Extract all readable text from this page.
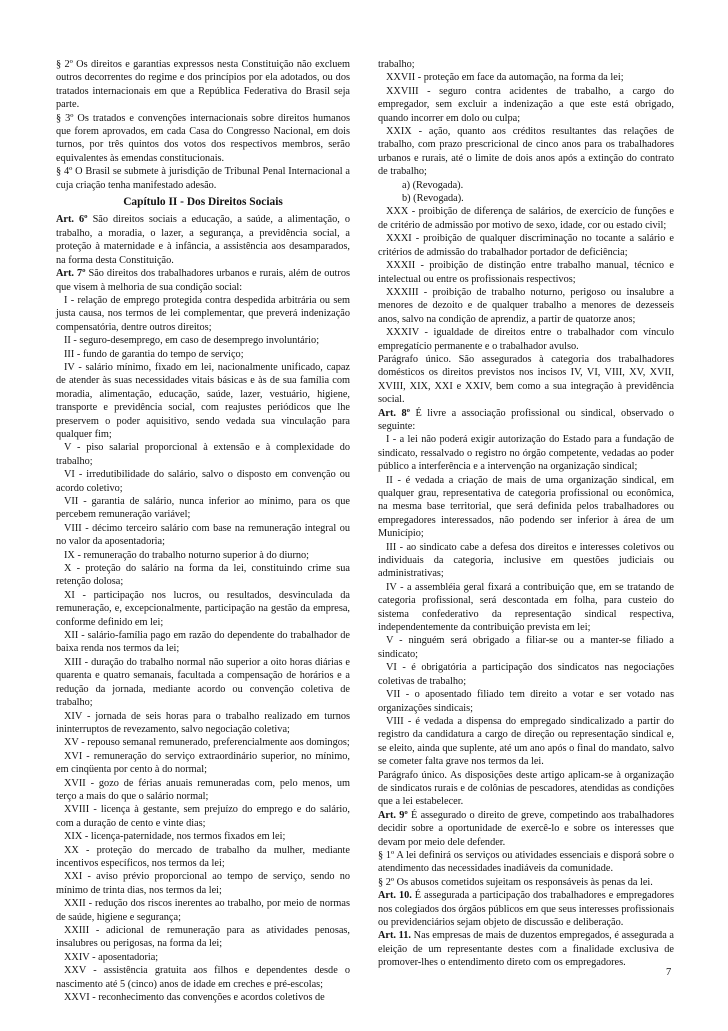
§ 2º Os direitos e garantias expressos nesta Constituição não excluem outros decorrentes do regime e dos princípios por ela adotados, ou dos tratados internacionais em que a República Federativa do Brasil seja parte.

§ 3º Os tratados e convenções internacionais sobre direitos humanos que forem aprovados, em cada Casa do Congresso Nacional, em dois turnos, por três quintos dos votos dos respectivos membros, serão equivalentes às emendas constitucionais.

§ 4º O Brasil se submete à jurisdição de Tribunal Penal Internacional a cuja criação tenha manifestado adesão.

Capítulo II - Dos Direitos Sociais

Art. 6º São direitos sociais a educação, a saúde, a alimentação, o trabalho, a moradia, o lazer, a segurança, a previdência social, a proteção à maternidade e à infância, a assistência aos desamparados, na forma desta Constituição.

Art. 7º São direitos dos trabalhadores urbanos e rurais, além de outros que visem à melhoria de sua condição social:

I - relação de emprego protegida contra despedida arbitrária ou sem justa causa, nos termos de lei complementar, que preverá indenização compensatória, dentre outros direitos;

II - seguro-desemprego, em caso de desemprego involuntário;

III - fundo de garantia do tempo de serviço;

IV - salário mínimo, fixado em lei, nacionalmente unificado, capaz de atender às suas necessidades vitais básicas e às de sua família com moradia, alimentação, educação, saúde, lazer, vestuário, higiene, transporte e previdência social, com reajustes periódicos que lhe preservem o poder aquisitivo, sendo vedada sua vinculação para qualquer fim;

V - piso salarial proporcional à extensão e à complexidade do trabalho;

VI - irredutibilidade do salário, salvo o disposto em convenção ou acordo coletivo;

VII - garantia de salário, nunca inferior ao mínimo, para os que percebem remuneração variável;

VIII - décimo terceiro salário com base na remuneração integral ou no valor da aposentadoria;

IX - remuneração do trabalho noturno superior à do diurno;

X - proteção do salário na forma da lei, constituindo crime sua retenção dolosa;

XI - participação nos lucros, ou resultados, desvinculada da remuneração, e, excepcionalmente, participação na gestão da empresa, conforme definido em lei;

XII - salário-família pago em razão do dependente do trabalhador de baixa renda nos termos da lei;

XIII - duração do trabalho normal não superior a oito horas diárias e quarenta e quatro semanais, facultada a compensação de horários e a redução da jornada, mediante acordo ou convenção coletiva de trabalho;

XIV - jornada de seis horas para o trabalho realizado em turnos ininterruptos de revezamento, salvo negociação coletiva;

XV - repouso semanal remunerado, preferencialmente aos domingos;

XVI - remuneração do serviço extraordinário superior, no mínimo, em cinqüenta por cento à do normal;

XVII - gozo de férias anuais remuneradas com, pelo menos, um terço a mais do que o salário normal;

XVIII - licença à gestante, sem prejuízo do emprego e do salário, com a duração de cento e vinte dias;

XIX - licença-paternidade, nos termos fixados em lei;

XX - proteção do mercado de trabalho da mulher, mediante incentivos específicos, nos termos da lei;

XXI - aviso prévio proporcional ao tempo de serviço, sendo no mínimo de trinta dias, nos termos da lei;

XXII - redução dos riscos inerentes ao trabalho, por meio de normas de saúde, higiene e segurança;

XXIII - adicional de remuneração para as atividades penosas, insalubres ou perigosas, na forma da lei;

XXIV - aposentadoria;

XXV - assistência gratuita aos filhos e dependentes desde o nascimento até 5 (cinco) anos de idade em creches e pré-escolas;

XXVI - reconhecimento das convenções e acordos coletivos de

trabalho;

XXVII - proteção em face da automação, na forma da lei;

XXVIII - seguro contra acidentes de trabalho, a cargo do empregador, sem excluir a indenização a que este está obrigado, quando incorrer em dolo ou culpa;

XXIX - ação, quanto aos créditos resultantes das relações de trabalho, com prazo prescricional de cinco anos para os trabalhadores urbanos e rurais, até o limite de dois anos após a extinção do contrato de trabalho;

a) (Revogada).

b) (Revogada).

XXX - proibição de diferença de salários, de exercício de funções e de critério de admissão por motivo de sexo, idade, cor ou estado civil;

XXXI - proibição de qualquer discriminação no tocante a salário e critérios de admissão do trabalhador portador de deficiência;

XXXII - proibição de distinção entre trabalho manual, técnico e intelectual ou entre os profissionais respectivos;

XXXIII - proibição de trabalho noturno, perigoso ou insalubre a menores de dezoito e de qualquer trabalho a menores de dezesseis anos, salvo na condição de aprendiz, a partir de quatorze anos;

XXXIV - igualdade de direitos entre o trabalhador com vínculo empregatício permanente e o trabalhador avulso.

Parágrafo único. São assegurados à categoria dos trabalhadores domésticos os direitos previstos nos incisos IV, VI, VIII, XV, XVII, XVIII, XIX, XXI e XXIV, bem como a sua integração à previdência social.

Art. 8º É livre a associação profissional ou sindical, observado o seguinte:

I - a lei não poderá exigir autorização do Estado para a fundação de sindicato, ressalvado o registro no órgão competente, vedadas ao poder público a interferência e a intervenção na organização sindical;

II - é vedada a criação de mais de uma organização sindical, em qualquer grau, representativa de categoria profissional ou econômica, na mesma base territorial, que será definida pelos trabalhadores ou empregadores interessados, não podendo ser inferior à área de um Município;

III - ao sindicato cabe a defesa dos direitos e interesses coletivos ou individuais da categoria, inclusive em questões judiciais ou administrativas;

IV - a assembléia geral fixará a contribuição que, em se tratando de categoria profissional, será descontada em folha, para custeio do sistema confederativo da representação sindical respectiva, independentemente da contribuição prevista em lei;

V - ninguém será obrigado a filiar-se ou a manter-se filiado a sindicato;

VI - é obrigatória a participação dos sindicatos nas negociações coletivas de trabalho;

VII - o aposentado filiado tem direito a votar e ser votado nas organizações sindicais;

VIII - é vedada a dispensa do empregado sindicalizado a partir do registro da candidatura a cargo de direção ou representação sindical e, se eleito, ainda que suplente, até um ano após o final do mandato, salvo se cometer falta grave nos termos da lei.

Parágrafo único. As disposições deste artigo aplicam-se à organização de sindicatos rurais e de colônias de pescadores, atendidas as condições que a lei estabelecer.

Art. 9º É assegurado o direito de greve, competindo aos trabalhadores decidir sobre a oportunidade de exercê-lo e sobre os interesses que devam por meio dele defender.

§ 1º A lei definirá os serviços ou atividades essenciais e disporá sobre o atendimento das necessidades inadiáveis da comunidade.

§ 2º Os abusos cometidos sujeitam os responsáveis às penas da lei.

Art. 10. É assegurada a participação dos trabalhadores e empregadores nos colegiados dos órgãos públicos em que seus interesses profissionais ou previdenciários sejam objeto de discussão e deliberação.

Art. 11. Nas empresas de mais de duzentos empregados, é assegurada a eleição de um representante destes com a finalidade exclusiva de promover-lhes o entendimento direto com os empregadores.

7
